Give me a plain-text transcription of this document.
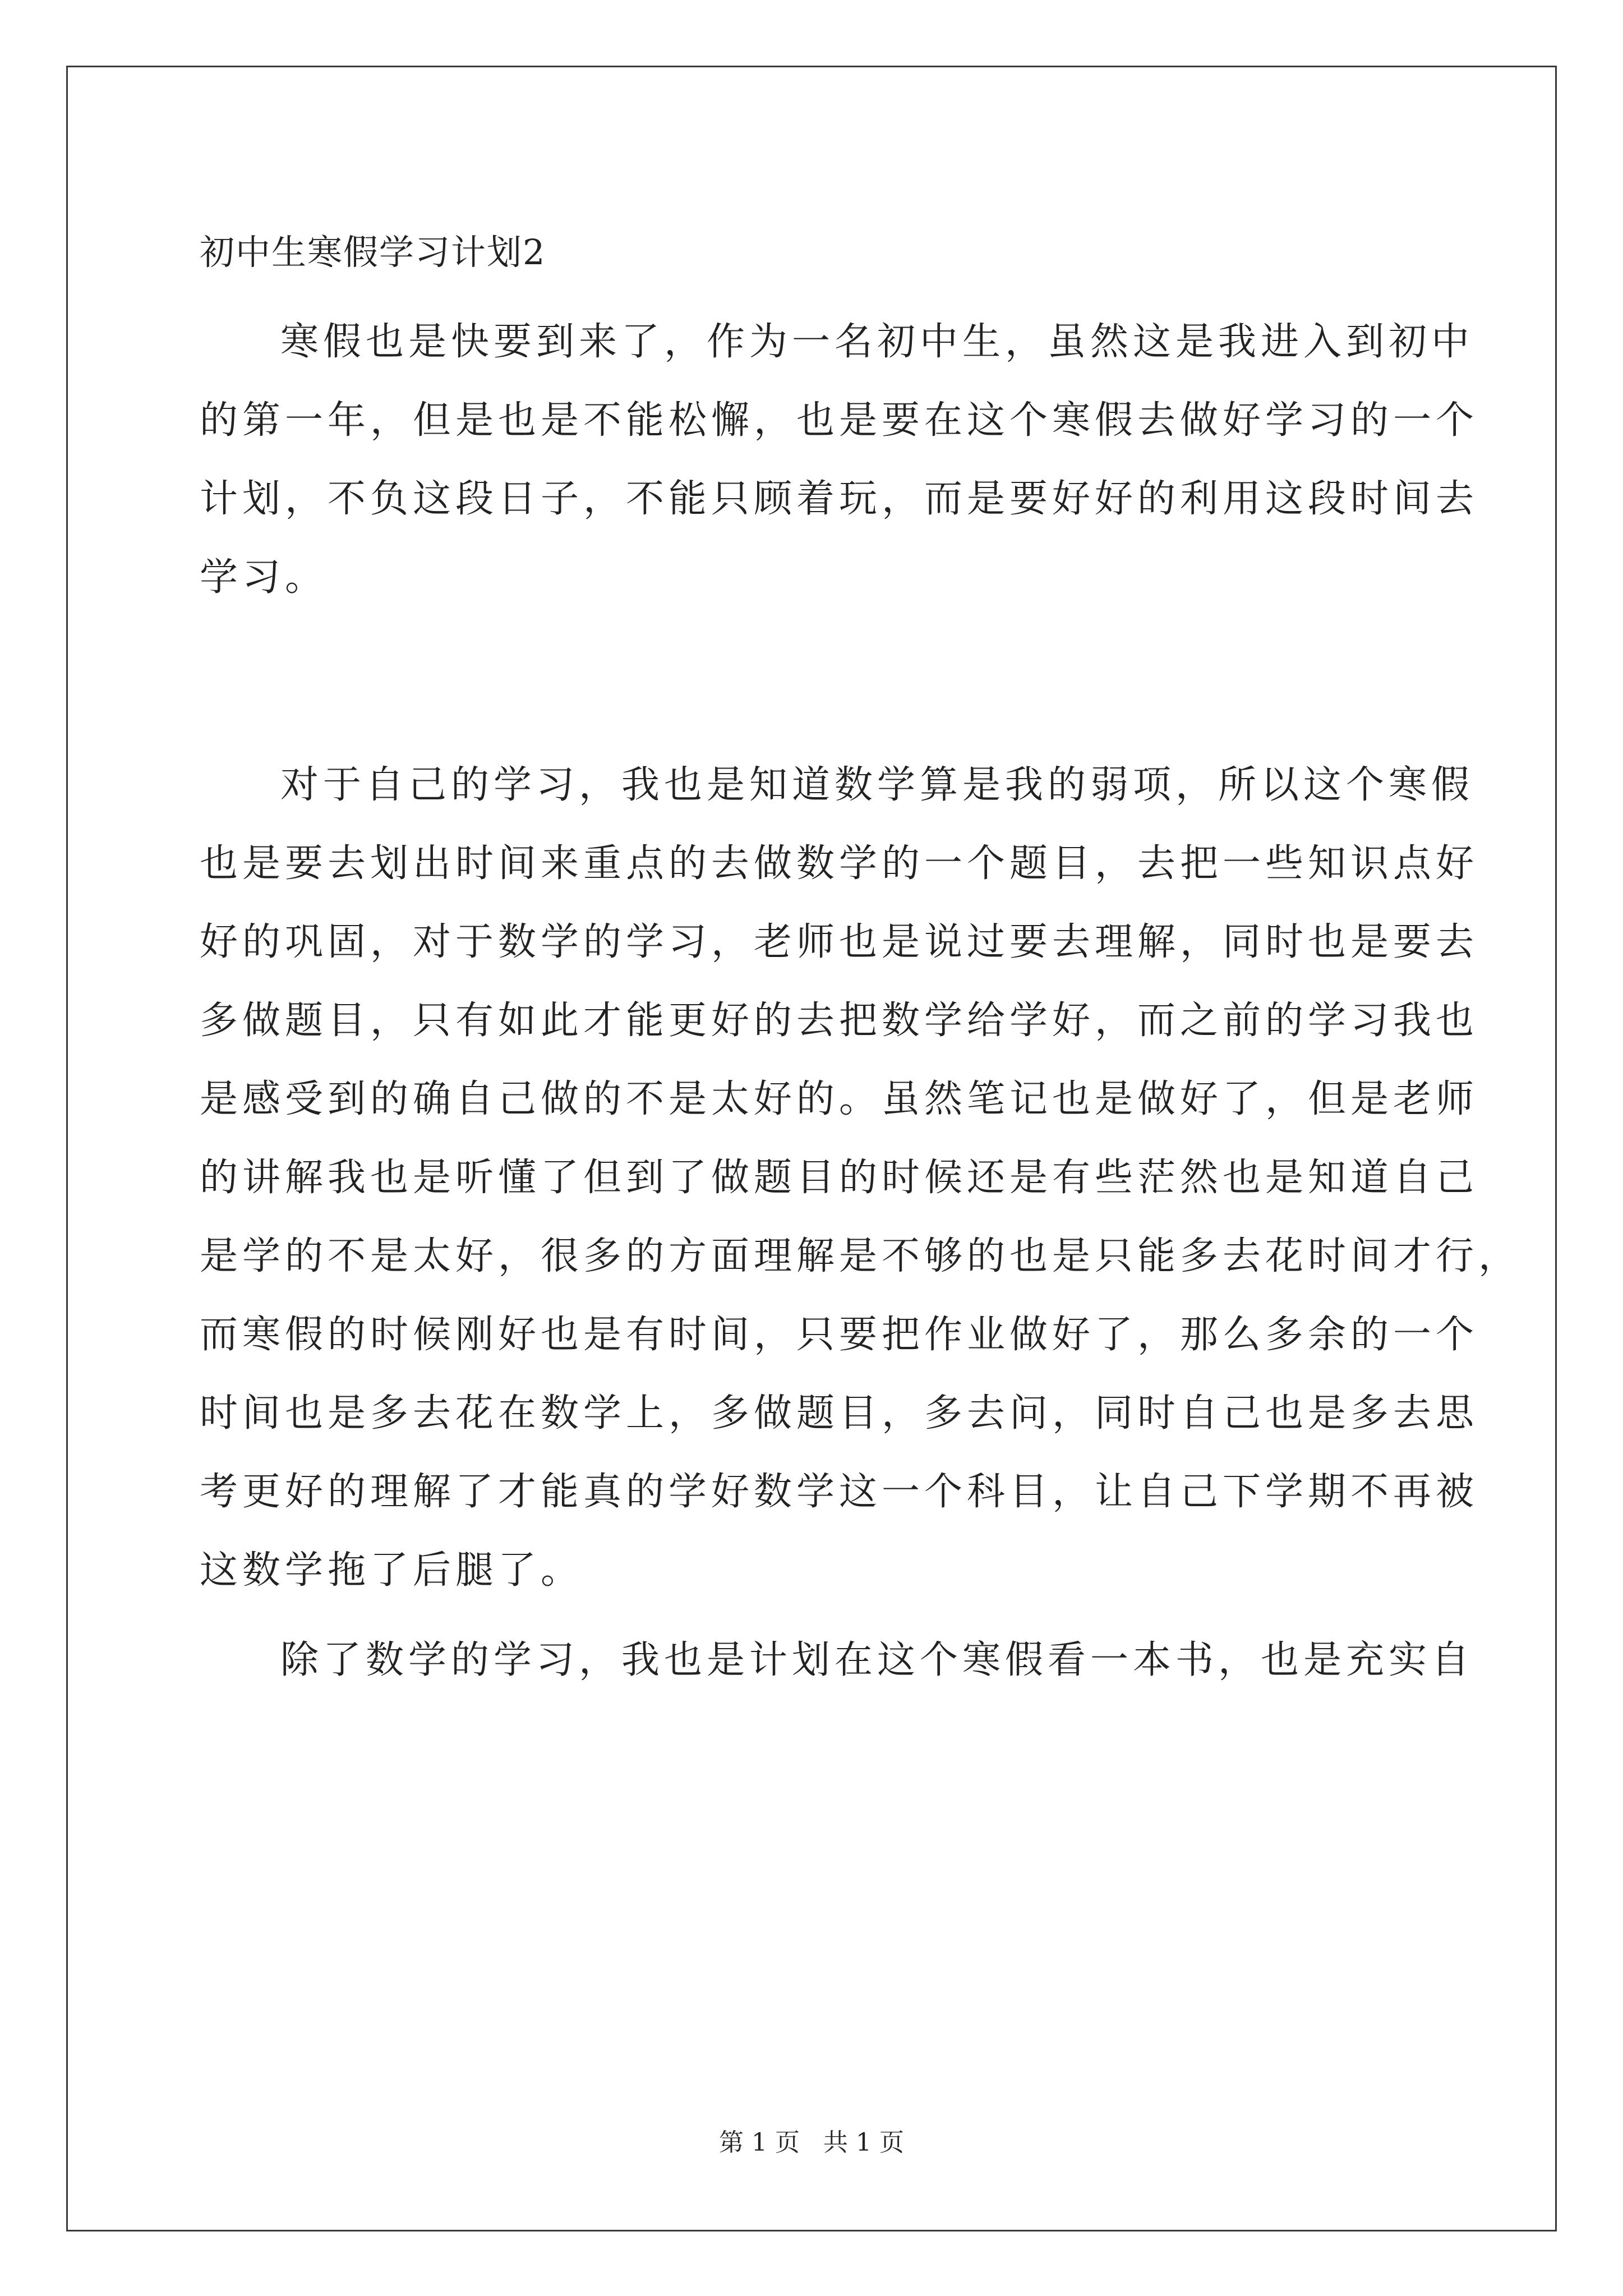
初中生寒假学习计划2
寒假也是快要到来了，作为一名初中生，虽然这是我进入到初中
的第一年，但是也是不能松懈，也是要在这个寒假去做好学习的一个
计划，不负这段日子，不能只顾着玩，而是要好好的利用这段时间去
学习。
对于自己的学习，我也是知道数学算是我的弱项，所以这个寒假
也是要去划出时间来重点的去做数学的一个题目，去把一些知识点好
好的巩固，对于数学的学习，老师也是说过要去理解，同时也是要去
多做题目，只有如此才能更好的去把数学给学好，而之前的学习我也
是感受到的确自己做的不是太好的。虽然笔记也是做好了，但是老师
的讲解我也是听懂了但到了做题目的时候还是有些茫然也是知道自己
是学的不是太好，很多的方面理解是不够的也是只能多去花时间才行，
而寒假的时候刚好也是有时间，只要把作业做好了，那么多余的一个
时间也是多去花在数学上，多做题目，多去问，同时自己也是多去思
考更好的理解了才能真的学好数学这一个科目，让自己下学期不再被
这数学拖了后腿了。
除了数学的学习，我也是计划在这个寒假看一本书，也是充实自
第 1 页   共 1 页
